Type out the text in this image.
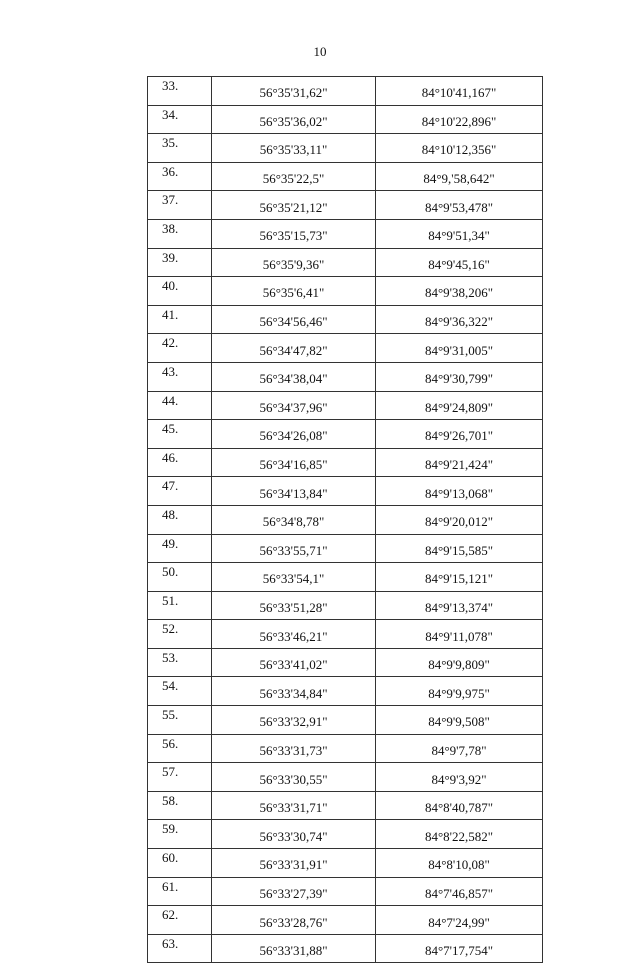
10
33.	56°35'31,62"	84°10'41,167"
34.	56°35'36,02"	84°10'22,896"
35.	56°35'33,11"	84°10'12,356"
36.	56°35'22,5"	84°9,'58,642"
37.	56°35'21,12"	84°9'53,478"
38.	56°35'15,73"	84°9'51,34"
39.	56°35'9,36"	84°9'45,16"
40.	56°35'6,41"	84°9'38,206"
41.	56°34'56,46"	84°9'36,322"
42.	56°34'47,82"	84°9'31,005"
43.	56°34'38,04"	84°9'30,799"
44.	56°34'37,96"	84°9'24,809"
45.	56°34'26,08"	84°9'26,701"
46.	56°34'16,85"	84°9'21,424"
47.	56°34'13,84"	84°9'13,068"
48.	56°34'8,78"	84°9'20,012"
49.	56°33'55,71"	84°9'15,585"
50.	56°33'54,1"	84°9'15,121"
51.	56°33'51,28"	84°9'13,374"
52.	56°33'46,21"	84°9'11,078"
53.	56°33'41,02"	84°9'9,809"
54.	56°33'34,84"	84°9'9,975"
55.	56°33'32,91"	84°9'9,508"
56.	56°33'31,73"	84°9'7,78"
57.	56°33'30,55"	84°9'3,92"
58.	56°33'31,71"	84°8'40,787"
59.	56°33'30,74"	84°8'22,582"
60.	56°33'31,91"	84°8'10,08"
61.	56°33'27,39"	84°7'46,857"
62.	56°33'28,76"	84°7'24,99"
63.	56°33'31,88"	84°7'17,754"
